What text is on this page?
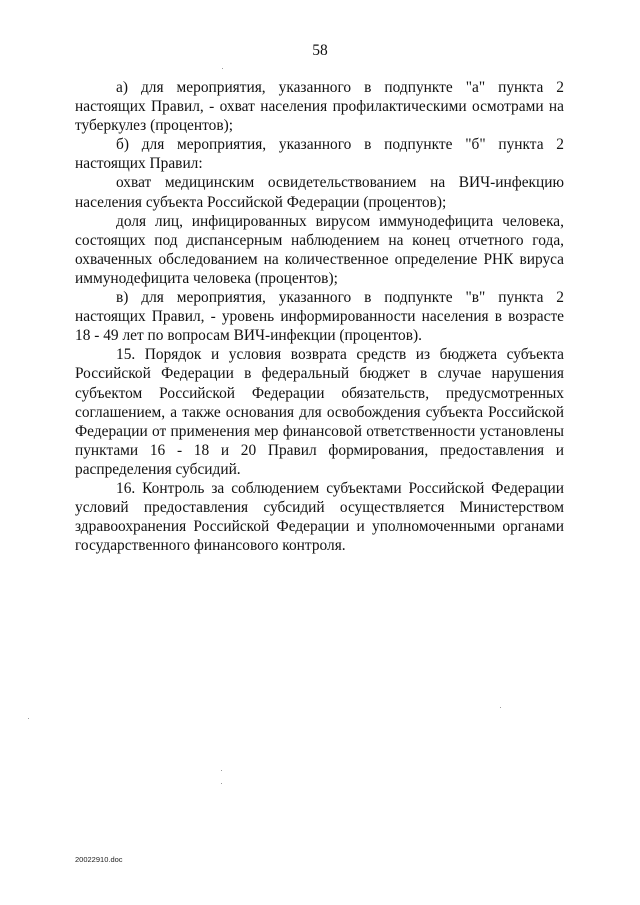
58

а) для мероприятия, указанного в подпункте "а" пункта 2 настоящих Правил, - охват населения профилактическими осмотрами на туберкулез (процентов);

б) для мероприятия, указанного в подпункте "б" пункта 2 настоящих Правил:

охват медицинским освидетельствованием на ВИЧ-инфекцию населения субъекта Российской Федерации (процентов);

доля лиц, инфицированных вирусом иммунодефицита человека, состоящих под диспансерным наблюдением на конец отчетного года, охваченных обследованием на количественное определение РНК вируса иммунодефицита человека (процентов);

в) для мероприятия, указанного в подпункте "в" пункта 2 настоящих Правил, - уровень информированности населения в возрасте 18 - 49 лет по вопросам ВИЧ-инфекции (процентов).

15. Порядок и условия возврата средств из бюджета субъекта Российской Федерации в федеральный бюджет в случае нарушения субъектом Российской Федерации обязательств, предусмотренных соглашением, а также основания для освобождения субъекта Российской Федерации от применения мер финансовой ответственности установлены пунктами 16 - 18 и 20 Правил формирования, предоставления и распределения субсидий.

16. Контроль за соблюдением субъектами Российской Федерации условий предоставления субсидий осуществляется Министерством здравоохранения Российской Федерации и уполномоченными органами государственного финансового контроля.

20022910.doc
